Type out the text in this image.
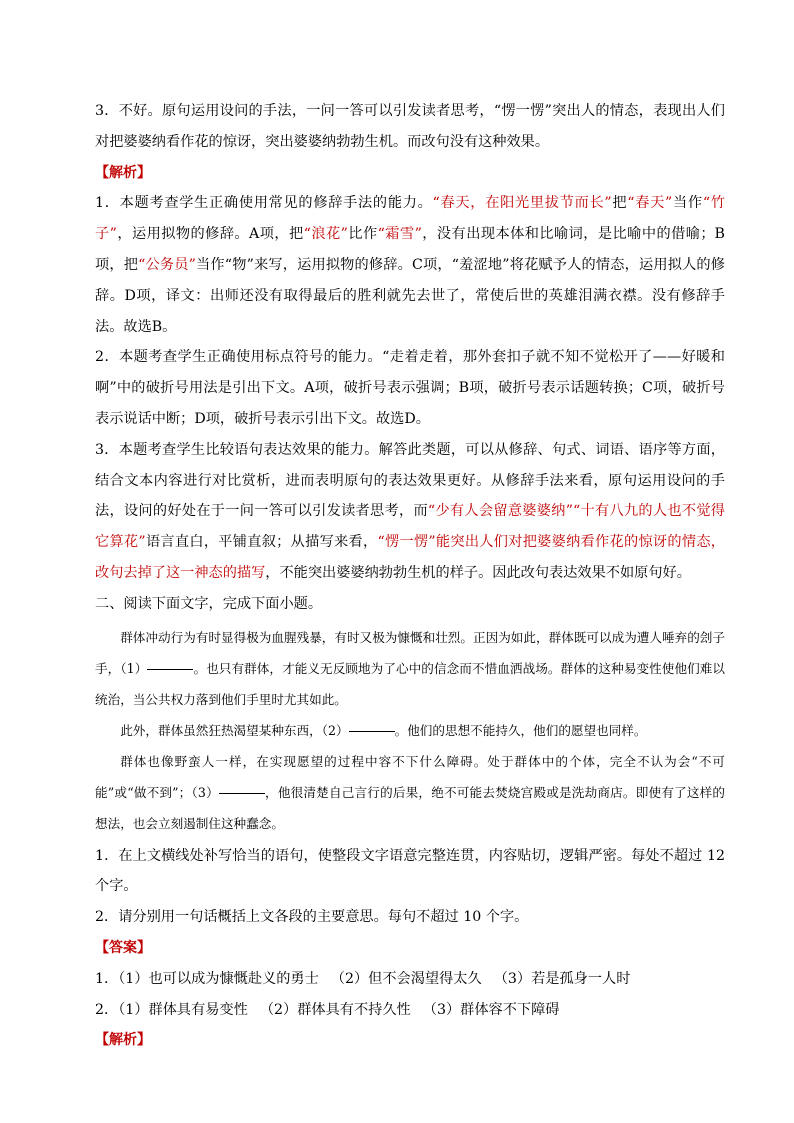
3．不好。原句运用设问的手法，一问一答可以引发读者思考，“愣一愣”突出人的情态，表现出人们对把婆婆纳看作花的惊讶，突出婆婆纳勃勃生机。而改句没有这种效果。

【解析】

1．本题考查学生正确使用常见的修辞手法的能力。“春天，在阳光里拔节而长”把“春天”当作“竹子”，运用拟物的修辞。A项，把“浪花”比作“霜雪”，没有出现本体和比喻词，是比喻中的借喻；B项，把“公务员”当作“物”来写，运用拟物的修辞。C项，“羞涩地”将花赋予人的情态，运用拟人的修辞。D项，译文：出师还没有取得最后的胜利就先去世了，常使后世的英雄泪满衣襟。没有修辞手法。故选B。

2．本题考查学生正确使用标点符号的能力。“走着走着，那外套扣子就不知不觉松开了——好暖和啊”中的破折号用法是引出下文。A项，破折号表示强调；B项，破折号表示话题转换；C项，破折号表示说话中断；D项，破折号表示引出下文。故选D。

3．本题考查学生比较语句表达效果的能力。解答此类题，可以从修辞、句式、词语、语序等方面，结合文本内容进行对比赏析，进而表明原句的表达效果更好。从修辞手法来看，原句运用设问的手法，设问的好处在于一问一答可以引发读者思考，而“少有人会留意婆婆纳”“十有八九的人也不觉得它算花”语言直白，平铺直叙；从描写来看，“愣一愣”能突出人们对把婆婆纳看作花的惊讶的情态，改句去掉了这一神态的描写，不能突出婆婆纳勃勃生机的样子。因此改句表达效果不如原句好。

二、阅读下面文字，完成下面小题。

群体冲动行为有时显得极为血腥残暴，有时又极为慷慨和壮烈。正因为如此，群体既可以成为遭人唾弃的刽子手，（1）	。也只有群体，才能义无反顾地为了心中的信念而不惜血洒战场。群体的这种易变性使他们难以统治，当公共权力落到他们手里时尤其如此。

此外，群体虽然狂热渴望某种东西，（2）	。他们的思想不能持久，他们的愿望也同样。

群体也像野蛮人一样，在实现愿望的过程中容不下什么障碍。处于群体中的个体，完全不认为会“不可能”或“做不到”；（3）	，他很清楚自己言行的后果，绝不可能去焚烧宫殿或是洗劫商店。即使有了这样的想法，也会立刻遏制住这种蠢念。

1．在上文横线处补写恰当的语句，使整段文字语意完整连贯，内容贴切，逻辑严密。每处不超过 12 个字。

2．请分别用一句话概括上文各段的主要意思。每句不超过 10 个字。

【答案】

1．（1）也可以成为慷慨赴义的勇士 （2）但不会渴望得太久 （3）若是孤身一人时

2．（1）群体具有易变性 （2）群体具有不持久性 （3）群体容不下障碍

【解析】
